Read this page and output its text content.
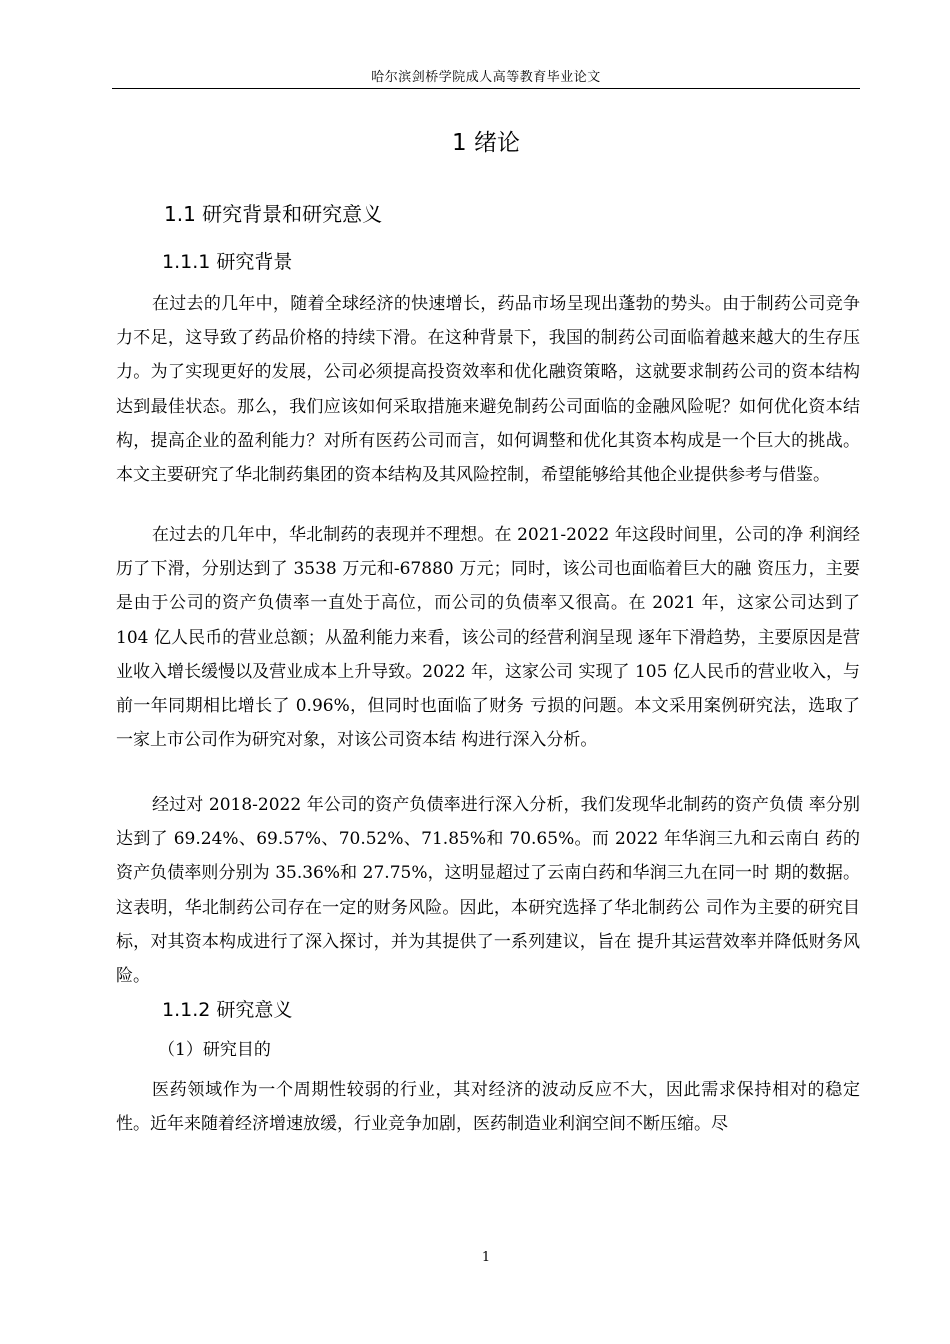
哈尔滨剑桥学院成人高等教育毕业论文
1 绪论
1.1 研究背景和研究意义
1.1.1 研究背景

在过去的几年中，随着全球经济的快速增长，药品市场呈现出蓬勃的势头。由于制药公司竞争力不足，这导致了药品价格的持续下滑。在这种背景下，我国的制药公司面临着越来越大的生存压力。为了实现更好的发展，公司必须提高投资效率和优化融资策略，这就要求制药公司的资本结构达到最佳状态。那么，我们应该如何采取措施来避免制药公司面临的金融风险呢？如何优化资本结构，提高企业的盈利能力？对所有医药公司而言，如何调整和优化其资本构成是一个巨大的挑战。本文主要研究了华北制药集团的资本结构及其风险控制，希望能够给其他企业提供参考与借鉴。

在过去的几年中，华北制药的表现并不理想。在 2021-2022 年这段时间里，公司的净 利润经历了下滑，分别达到了 3538 万元和-67880 万元；同时，该公司也面临着巨大的融 资压力，主要是由于公司的资产负债率一直处于高位，而公司的负债率又很高。在 2021 年，这家公司达到了 104 亿人民币的营业总额；从盈利能力来看，该公司的经营利润呈现 逐年下滑趋势，主要原因是营业收入增长缓慢以及营业成本上升导致。2022 年，这家公司 实现了 105 亿人民币的营业收入，与前一年同期相比增长了 0.96%，但同时也面临了财务 亏损的问题。本文采用案例研究法，选取了一家上市公司作为研究对象，对该公司资本结 构进行深入分析。

经过对 2018-2022 年公司的资产负债率进行深入分析，我们发现华北制药的资产负债 率分别达到了 69.24%、69.57%、70.52%、71.85%和 70.65%。而 2022 年华润三九和云南白 药的资产负债率则分别为 35.36%和 27.75%，这明显超过了云南白药和华润三九在同一时 期的数据。这表明，华北制药公司存在一定的财务风险。因此，本研究选择了华北制药公 司作为主要的研究目标，对其资本构成进行了深入探讨，并为其提供了一系列建议，旨在 提升其运营效率并降低财务风险。

1.1.2 研究意义
（1）研究目的

医药领域作为一个周期性较弱的行业，其对经济的波动反应不大，因此需求保持相对的稳定性。近年来随着经济增速放缓，行业竞争加剧，医药制造业利润空间不断压缩。尽

1
